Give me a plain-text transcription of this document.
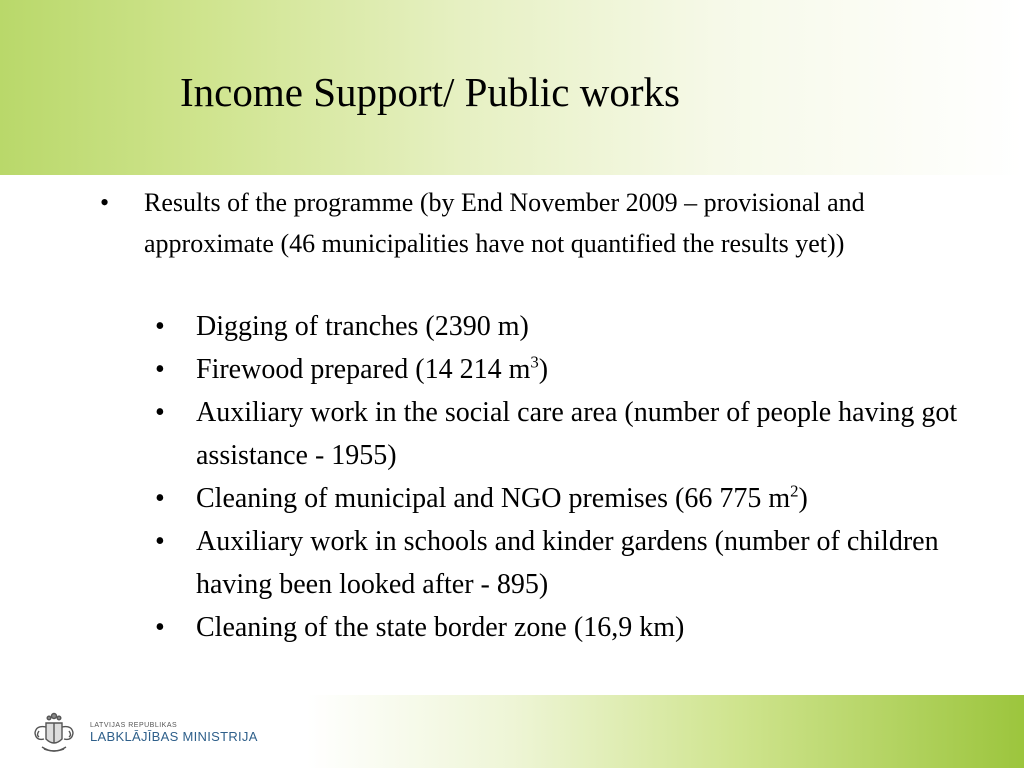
Income Support/ Public works
•	Results of the programme (by End November 2009 – provisional and approximate (46 municipalities have not quantified the results yet))
•	Digging of tranches (2390 m)
•	Firewood prepared (14 214 $m^3$)
•	Auxiliary work in the social care area (number of people having got assistance - 1955)
•	Cleaning of municipal and NGO premises (66 775 $m^2$)
•	Auxiliary work in schools and kinder gardens (number of children having been looked after - 895)
•	Cleaning of the state border zone (16,9 km)
LATVIJAS REPUBLIKAS
LABKLĀJĪBAS MINISTRIJA
